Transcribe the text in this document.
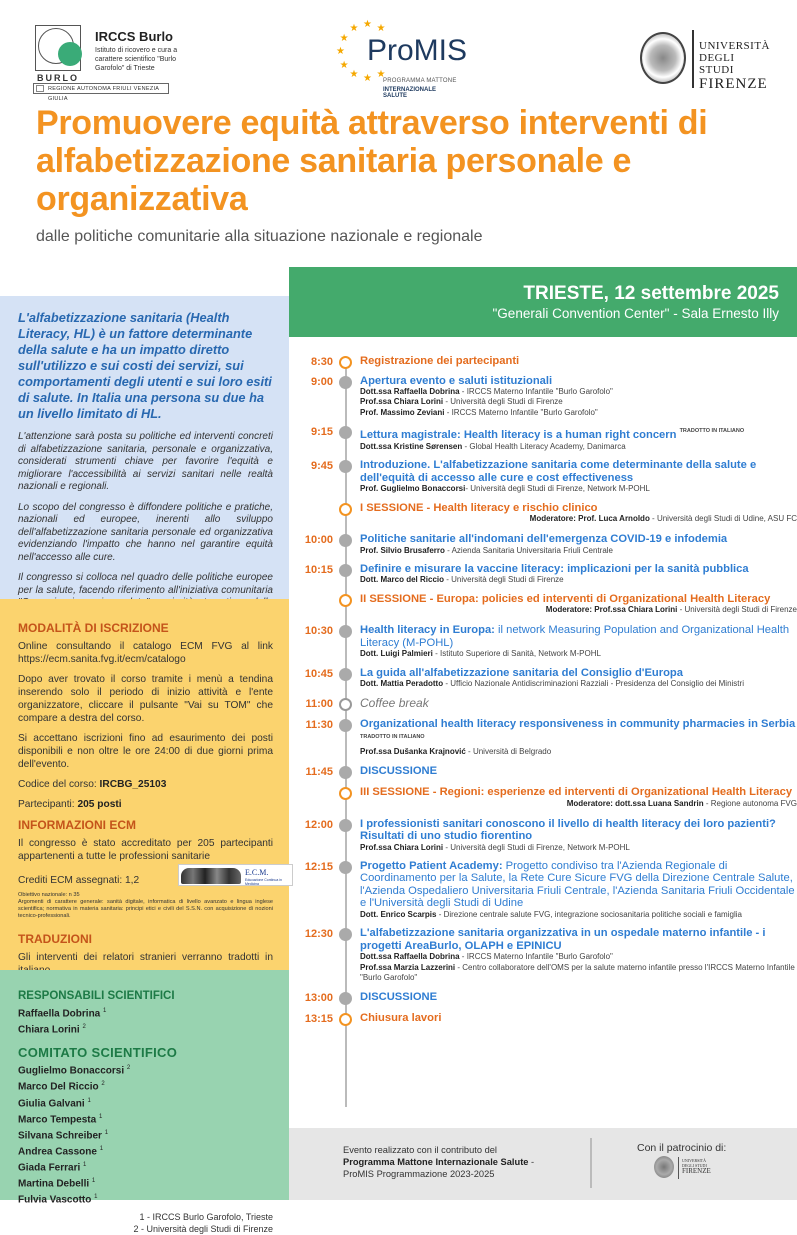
BURLO
IRCCS Burlo
Istituto di ricovero e cura a carattere scientifico "Burlo Garofolo" di Trieste
REGIONE AUTONOMA FRIULI VENEZIA GIULIA
★ ★
★
★
★
★
★
★
★
ProMIS
PROGRAMMA MATTONE
INTERNAZIONALE SALUTE
UNIVERSITÀ
DEGLI STUDI
FIRENZE
Promuovere equità attraverso interventi di alfabetizzazione sanitaria personale e organizzativa
dalle politiche comunitarie alla situazione nazionale e regionale

L'alfabetizzazione sanitaria (Health Literacy, HL) è un fattore determinante della salute e ha un impatto diretto sull'utilizzo e sui costi dei servizi, sui comportamenti degli utenti e sui loro esiti di salute. In Italia una persona su due ha un livello limitato di HL.

L'attenzione sarà posta su politiche ed interventi concreti di alfabetizzazione sanitaria, personale e organizzativa, considerati strumenti chiave per favorire l'equità e migliorare l'accessibilità ai servizi sanitari nelle realtà nazionali e regionali.

Lo scopo del congresso è diffondere politiche e pratiche, nazionali ed europee, inerenti allo sviluppo dell'alfabetizzazione sanitaria personale ed organizzativa evidenziando l'impatto che hanno nel garantire equità nell'accesso alle cure.

Il congresso si colloca nel quadro delle politiche europee per la salute, facendo riferimento all'iniziativa comunitaria

MODALITÀ DI ISCRIZIONE

Online consultando il catalogo ECM FVG al link https://ecm.sanita.fvg.it/ecm/catalogo

Dopo aver trovato il corso tramite i menù a tendina inserendo solo il periodo di inizio attività e l'ente organizzatore, cliccare il pulsante "Vai su TOM" che compare a destra del corso.

Si accettano iscrizioni fino ad esaurimento dei posti disponibili e non oltre le ore 24:00 di due giorni prima dell'evento.

Codice del corso: IRCBG_25103

Partecipanti: 205 posti

INFORMAZIONI ECM

Il congresso è stato accreditato per 205 partecipanti appartenenti a tutte le professioni sanitarie

Crediti ECM assegnati: 1,2
E.C.M.
Educazione Continua in Medicina

Obiettivo nazionale: n 35
Argomenti di carattere generale: sanità digitale, informatica di livello avanzato e lingua inglese scientifica; normativa in materia sanitaria: principi etici e civili del S.S.N. con acquisizione di nozioni tecnico-professionali.

TRADUZIONI

Gli interventi dei relatori stranieri verranno tradotti in

RESPONSABILI SCIENTIFICI
Raffaella Dobrina $^1$
Chiara Lorini $^2$
COMITATO SCIENTIFICO
Guglielmo Bonaccorsi $^2$
Marco Del Riccio $^2$
Giulia Galvani $^1$
Marco Tempesta $^1$
Silvana Schreiber $^1$
Andrea Cassone $^1$
Giada Ferrari $^1$
Martina Debelli $^1$
Fulvia Vascotto $^1$
1 - IRCCS Burlo Garofolo, Trieste
2 - Università degli Studi di Firenze
TRIESTE, 12 settembre 2025
"Generali Convention Center" - Sala Ernesto Illy
8:30 Registrazione dei partecipanti
9:00 Apertura evento e saluti istituzionali
Dott.ssa Raffaella Dobrina - IRCCS Materno Infantile "Burlo Garofolo"
Prof.ssa Chiara Lorini - Università degli Studi di Firenze
Prof. Massimo Zeviani - IRCCS Materno Infantile "Burlo Garofolo"
9:15 Lettura magistrale: Health literacy is a human right concern $^{TRADOTTO IN ITALIANO}$
Dott.ssa Kristine Sørensen - Global Health Literacy Academy, Danimarca
9:45 Introduzione. L'alfabetizzazione sanitaria come determinante della salute e dell'equità di accesso alle cure e cost effectiveness
Prof. Guglielmo Bonaccorsi- Università degli Studi di Firenze, Network M-POHL
I SESSIONE - Health literacy e rischio clinico
Moderatore: Prof. Luca Arnoldo - Università degli Studi di Udine, ASU FC
10:00 Politiche sanitarie all'indomani dell'emergenza COVID-19 e infodemia
Prof. Silvio Brusaferro - Azienda Sanitaria Universitaria Friuli Centrale
10:15 Definire e misurare la vaccine literacy: implicazioni per la sanità pubblica
Dott. Marco del Riccio - Università degli Studi di Firenze
II SESSIONE - Europa: policies ed interventi di Organizational Health Literacy
Moderatore: Prof.ssa Chiara Lorini - Università degli Studi di Firenze
10:30 Health literacy in Europa: il network Measuring Population and Organizational Health Literacy (M-POHL)
Dott. Luigi Palmieri - Istituto Superiore di Sanità, Network M-POHL
10:45 La guida all'alfabetizzazione sanitaria del Consiglio d'Europa
Dott. Mattia Peradotto - Ufficio Nazionale Antidiscriminazioni Razziali - Presidenza del Consiglio dei Ministri
11:00 Coffee break
11:30 Organizational health literacy responsiveness in community pharmacies in Serbia $^{TRADOTTO IN ITALIANO}$
Prof.ssa Dušanka Krajnović - Università di Belgrado
11:45 DISCUSSIONE
III SESSIONE - Regioni: esperienze ed interventi di Organizational Health Literacy
Moderatore: dott.ssa Luana Sandrin - Regione autonoma FVG
12:00 I professionisti sanitari conoscono il livello di health literacy dei loro pazienti? Risultati di uno studio fiorentino
Prof.ssa Chiara Lorini - Università degli Studi di Firenze, Network M-POHL
12:15 Progetto Patient Academy: Progetto condiviso tra l'Azienda Regionale di Coordinamento per la Salute, la Rete Cure Sicure FVG della Direzione Centrale Salute, l'Azienda Ospedaliero Universitaria Friuli Centrale, l'Azienda Sanitaria Friuli Occidentale e l'Università degli Studi di Udine
Dott. Enrico Scarpis - Direzione centrale salute FVG, integrazione sociosanitaria politiche sociali e famiglia
12:30 L'alfabetizzazione sanitaria organizzativa in un ospedale materno infantile - i progetti AreaBurlo, OLAPH e EPINICU
Dott.ssa Raffaella Dobrina - IRCCS Materno Infantile "Burlo Garofolo"
Prof.ssa Marzia Lazzerini - Centro collaboratore dell'OMS per la salute materno infantile presso l'IRCCS Materno Infantile "Burlo Garofolo"
13:00 DISCUSSIONE
13:15 Chiusura lavori
Evento realizzato con il contributo del
Programma Mattone Internazionale Salute -
ProMIS Programmazione 2023-2025
Con il patrocinio di:
UNIVERSITÀ
DEGLI STUDI
FIRENZE
